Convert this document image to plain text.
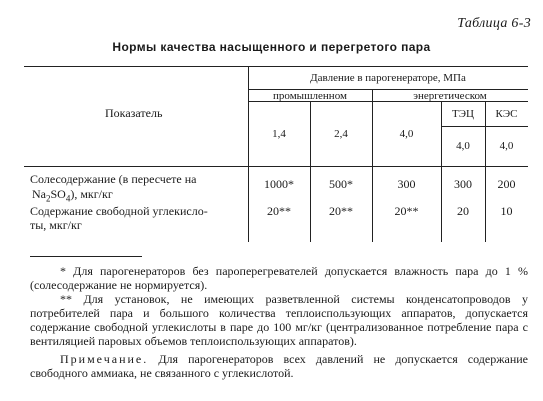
Таблица 6-3
Нормы качества насыщенного и перегретого пара
Показатель
Давление в парогенераторе, МПа
промышленном	энергетическом
ТЭЦ	КЭС
1,4	2,4	4,0
4,0	4,0
Солесодержание (в пересчете на
$Na_2SO_4$), мкг/кг
1000*	500*	300	300	200
Содержание свободной углекисло-
ты, мкг/кг
20**	20**	20**	20	10

* Для парогенераторов без пароперегревателей допускается влажность пара до 1 % (солесодержание не нормируется).

** Для установок, не имеющих разветвленной системы конденсатопроводов у потребителей пара и большого количества теплоиспользующих аппаратов, допускается содержание свободной углекислоты в паре до 100 мг/кг (централизованное потребление пара с вентиляцией паровых объемов теплоиспользующих аппаратов).

Примечание. Для парогенераторов всех давлений не допускается содержание свободного аммиака, не связанного с углекислотой.
